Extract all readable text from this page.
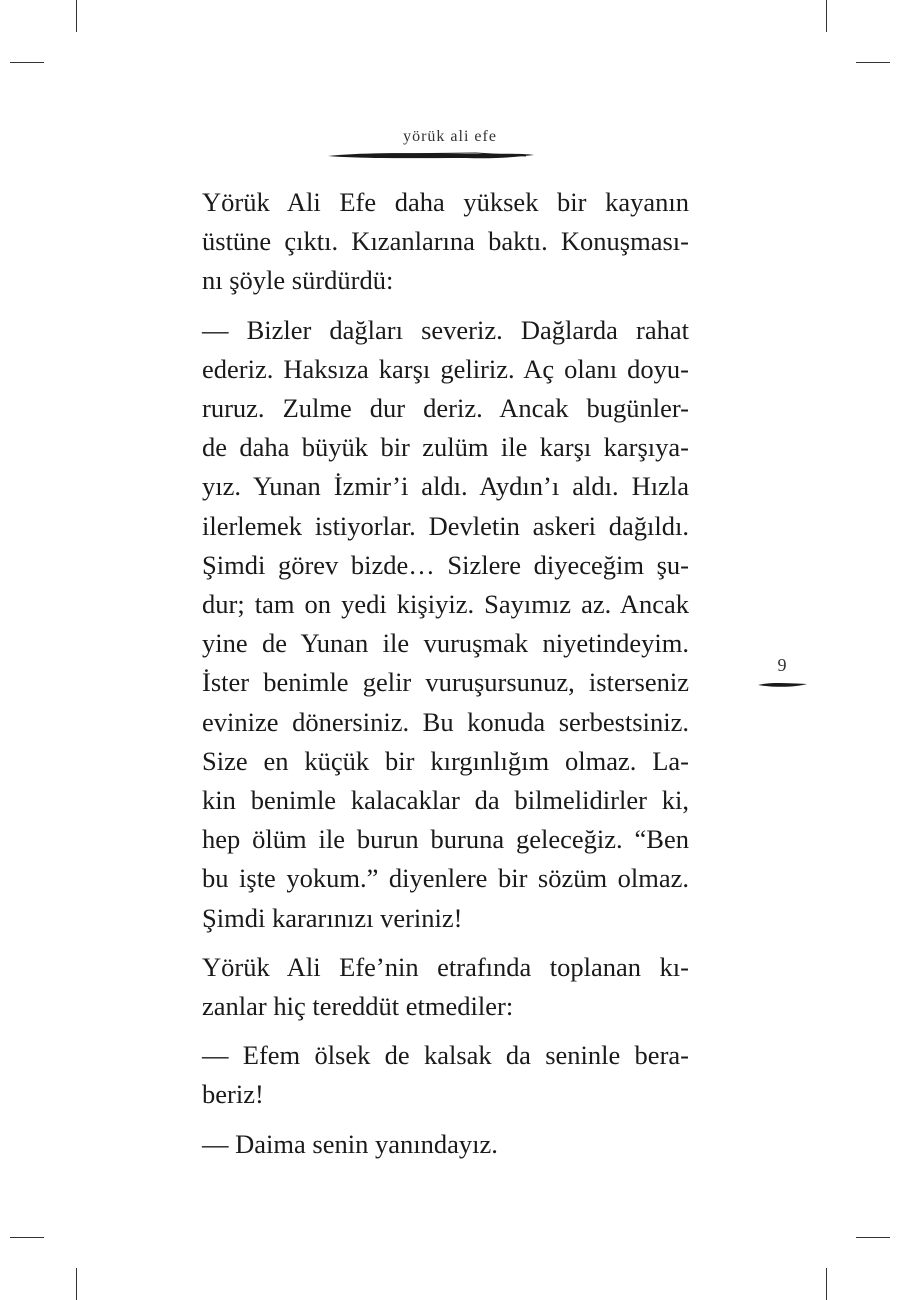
yörük ali efe

Yörük Ali Efe daha yüksek bir kayanın
üstüne çıktı. Kızanlarına baktı. Konuşması-
nı şöyle sürdürdü:

— Bizler dağları severiz. Dağlarda rahat
ederiz. Haksıza karşı geliriz. Aç olanı doyu-
ruruz. Zulme dur deriz. Ancak bugünler-
de daha büyük bir zulüm ile karşı karşıya-
yız. Yunan İzmir’i aldı. Aydın’ı aldı. Hızla
ilerlemek istiyorlar. Devletin askeri dağıldı.
Şimdi görev bizde… Sizlere diyeceğim şu-
dur; tam on yedi kişiyiz. Sayımız az. Ancak
yine de Yunan ile vuruşmak niyetindeyim.
İster benimle gelir vuruşursunuz, isterseniz
evinize dönersiniz. Bu konuda serbestsiniz.
Size en küçük bir kırgınlığım olmaz. La-
kin benimle kalacaklar da bilmelidirler ki,
hep ölüm ile burun buruna geleceğiz. “Ben
bu işte yokum.” diyenlere bir sözüm olmaz.
Şimdi kararınızı veriniz!

Yörük Ali Efe’nin etrafında toplanan kı-
zanlar hiç tereddüt etmediler:

— Efem ölsek de kalsak da seninle bera-
beriz!

— Daima senin yanındayız.

9
